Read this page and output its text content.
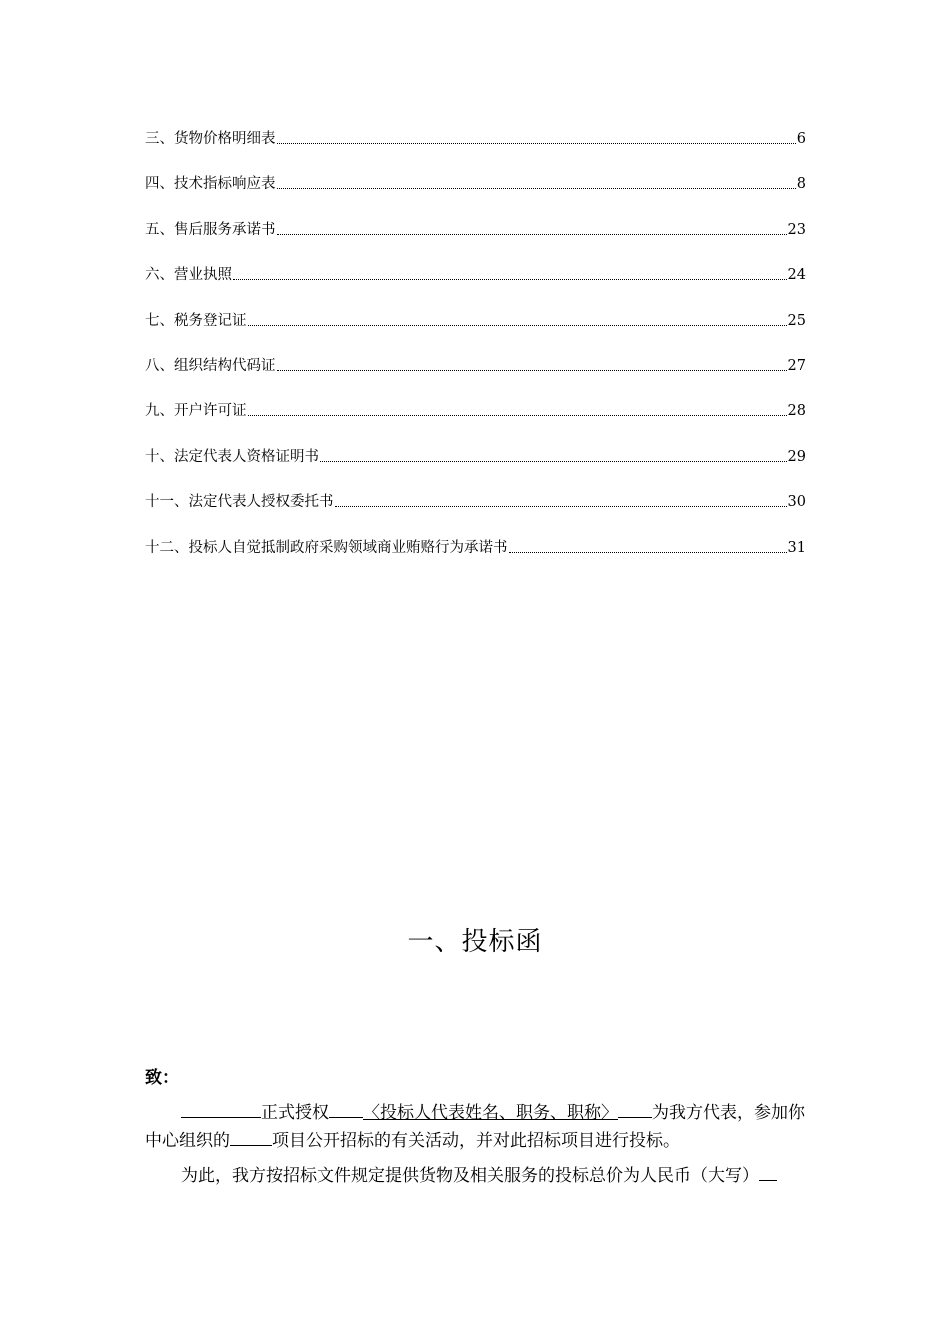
三、货物价格明细表	6
四、技术指标响应表	8
五、售后服务承诺书	23
六、营业执照	24
七、税务登记证	25
八、组织结构代码证	27
九、开户许可证	28
十、法定代表人资格证明书	29
十一、法定代表人授权委托书	30
十二、投标人自觉抵制政府采购领域商业贿赂行为承诺书	31
一、投标函
致：
正式授权 〈投标人代表姓名、职务、职称〉 为我方代表，参加你中心组织的 项目公开招标的有关活动，并对此招标项目进行投标。
为此，我方按招标文件规定提供货物及相关服务的投标总价为人民币（大写）
